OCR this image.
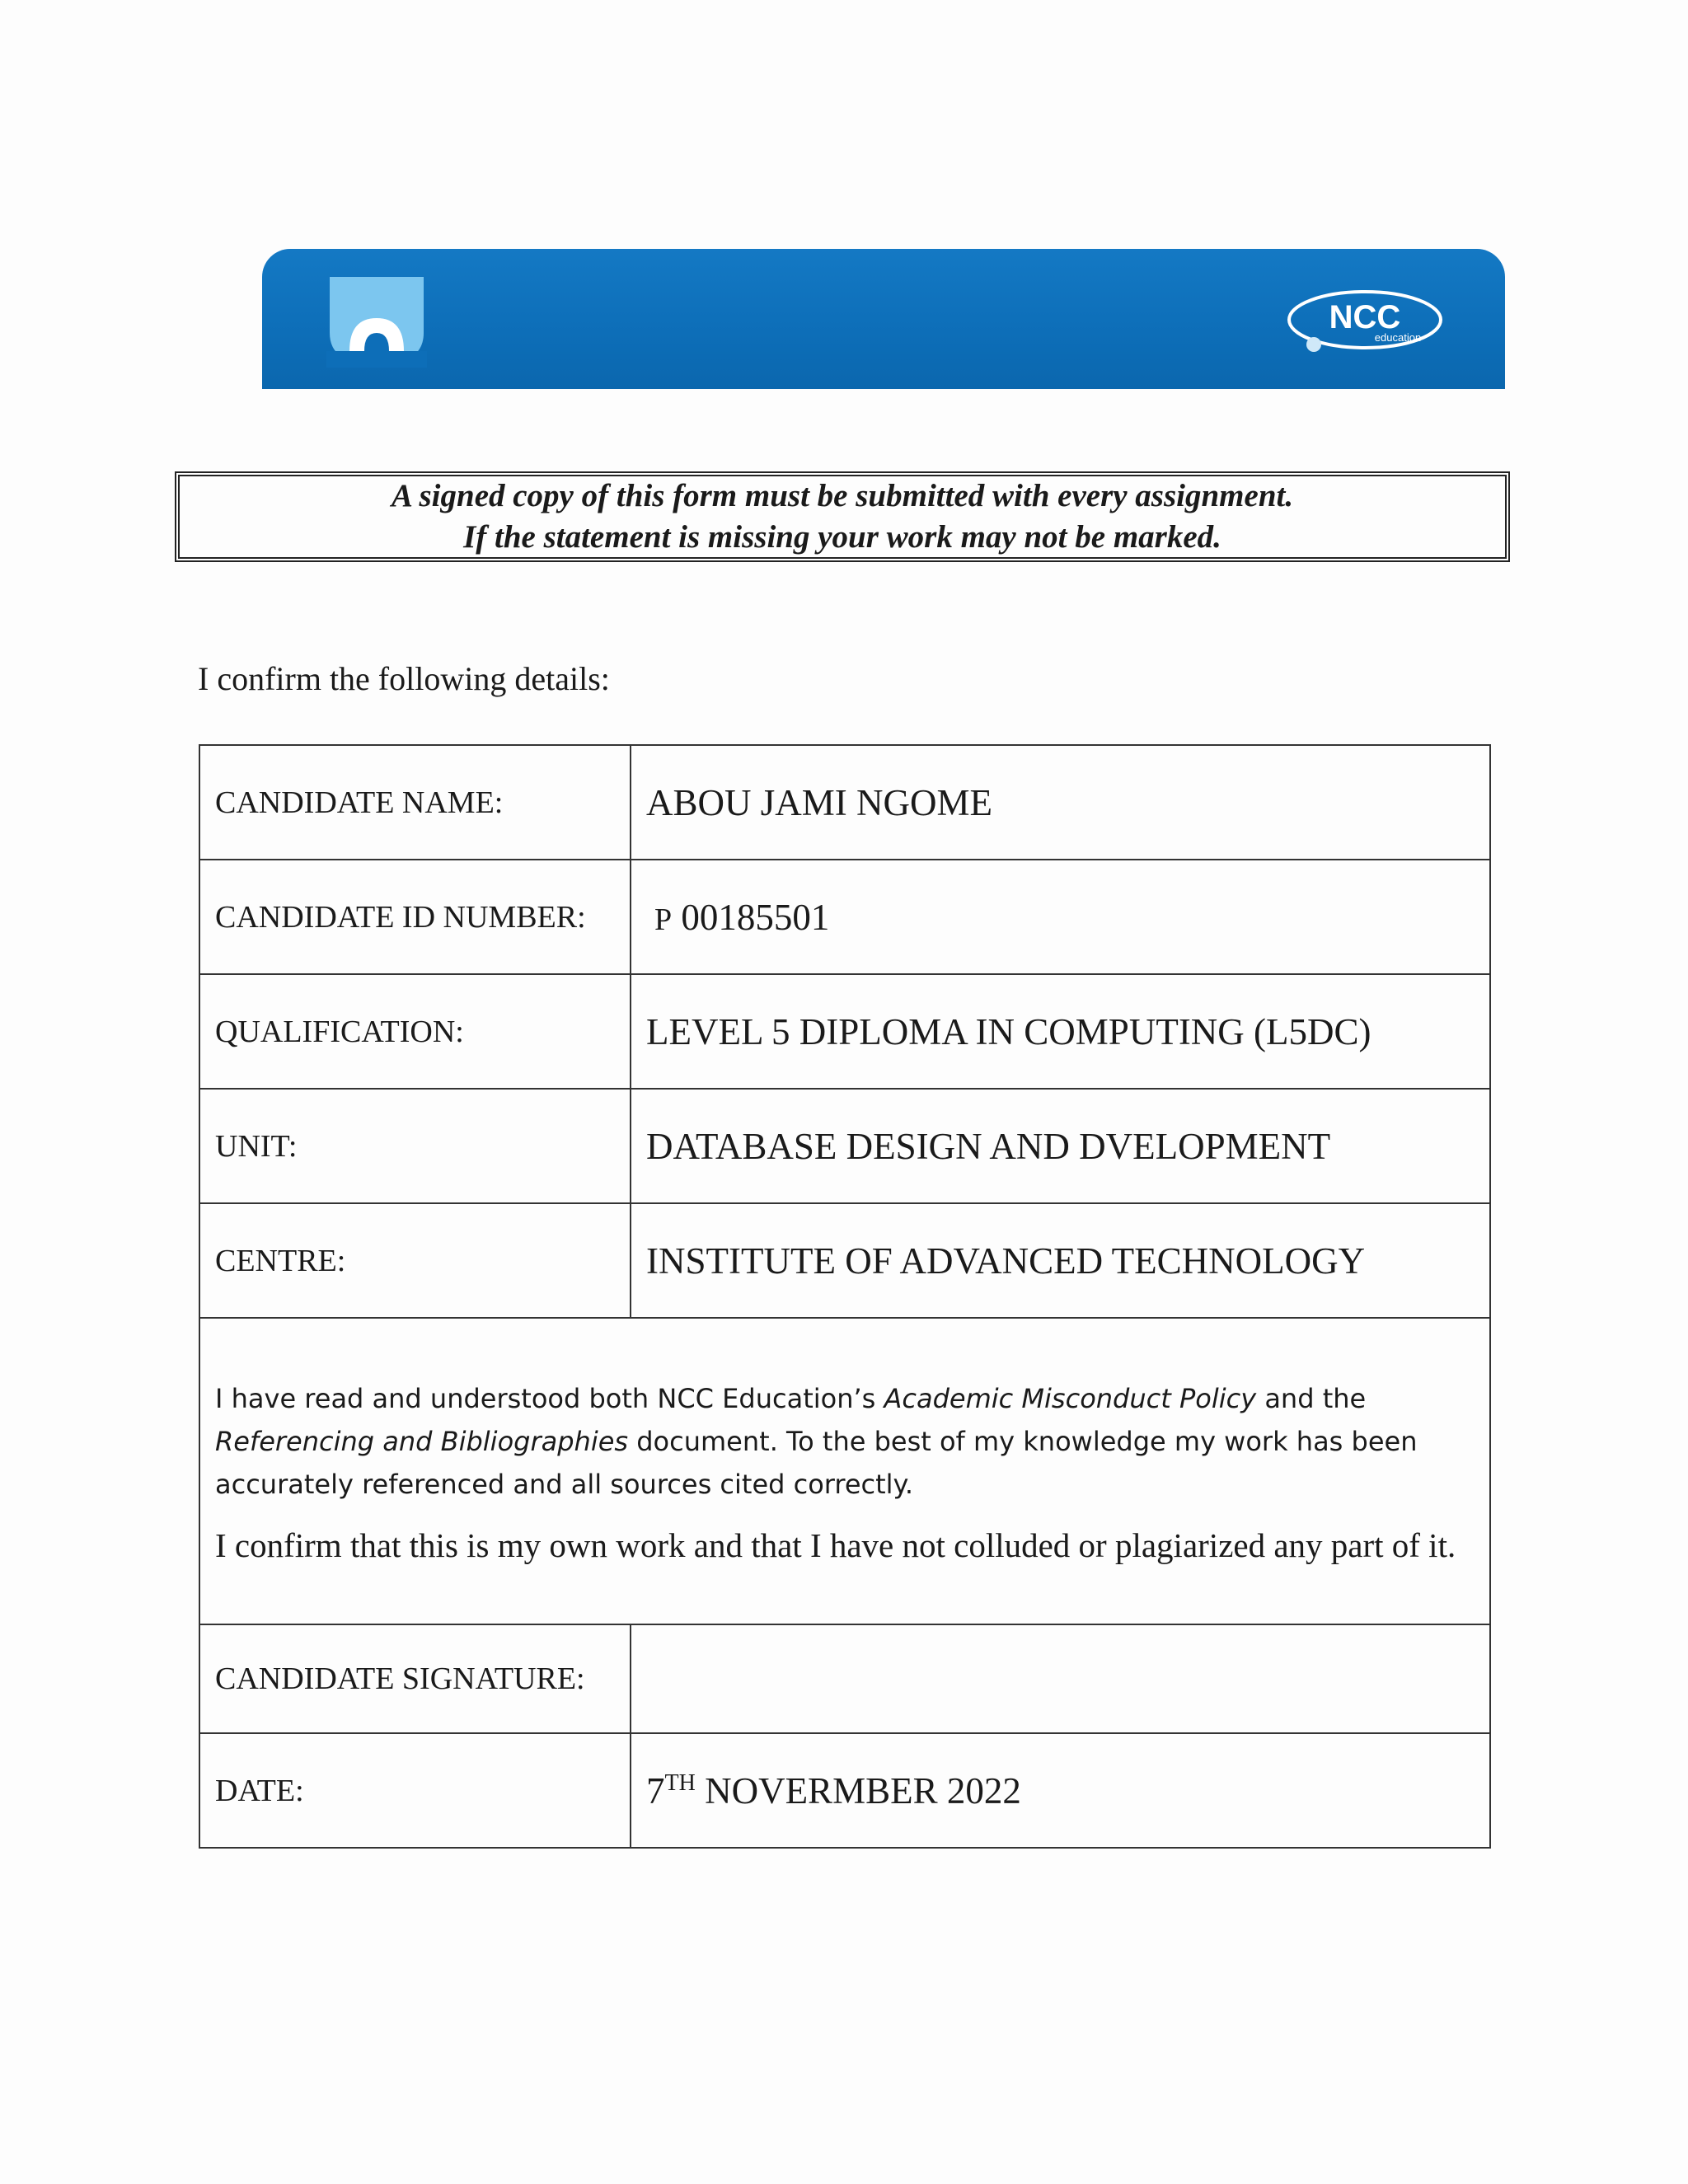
NCC
education
A signed copy of this form must be submitted with every assignment.
If the statement is missing your work may not be marked.
I confirm the following details:
CANDIDATE NAME:	ABOU JAMI NGOME
CANDIDATE ID NUMBER:	P 00185501
QUALIFICATION:	LEVEL 5 DIPLOMA IN COMPUTING (L5DC)
UNIT:	DATABASE DESIGN AND DVELOPMENT
CENTRE:	INSTITUTE OF ADVANCED TECHNOLOGY

I have read and understood both NCC Education’s Academic Misconduct Policy and the Referencing and Bibliographies document. To the best of my knowledge my work has been accurately referenced and all sources cited correctly.

I confirm that this is my own work and that I have not colluded or plagiarized any part of it.	

CANDIDATE SIGNATURE:	
DATE:	7TH NOVERMBER 2022
